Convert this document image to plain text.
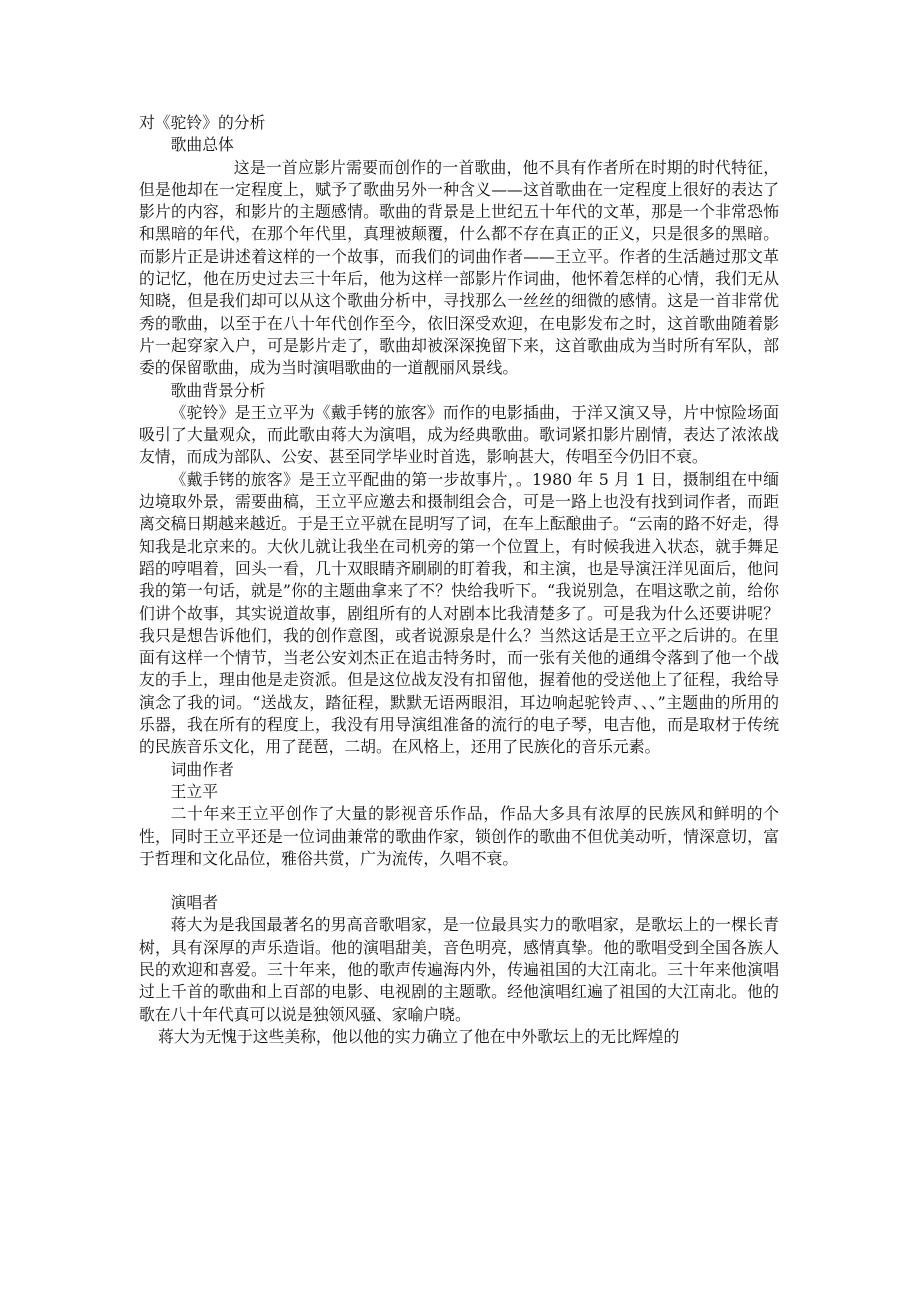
对《驼铃》的分析

歌曲总体

这是一首应影片需要而创作的一首歌曲，他不具有作者所在时期的时代特征，但是他却在一定程度上，赋予了歌曲另外一种含义——这首歌曲在一定程度上很好的表达了影片的内容，和影片的主题感情。歌曲的背景是上世纪五十年代的文革，那是一个非常恐怖和黑暗的年代，在那个年代里，真理被颠覆，什么都不存在真正的正义，只是很多的黑暗。而影片正是讲述着这样的一个故事，而我们的词曲作者——王立平。作者的生活趟过那文革的记忆，他在历史过去三十年后，他为这样一部影片作词曲，他怀着怎样的心情，我们无从知晓，但是我们却可以从这个歌曲分析中，寻找那么一丝丝的细微的感情。这是一首非常优秀的歌曲，以至于在八十年代创作至今，依旧深受欢迎，在电影发布之时，这首歌曲随着影片一起穿家入户，可是影片走了，歌曲却被深深挽留下来，这首歌曲成为当时所有军队，部委的保留歌曲，成为当时演唱歌曲的一道靓丽风景线。

歌曲背景分析

《驼铃》是王立平为《戴手铐的旅客》而作的电影插曲，于洋又演又导，片中惊险场面吸引了大量观众，而此歌由蒋大为演唱，成为经典歌曲。歌词紧扣影片剧情，表达了浓浓战友情，而成为部队、公安、甚至同学毕业时首选，影响甚大，传唱至今仍旧不衰。

《戴手铐的旅客》是王立平配曲的第一步故事片，。1980 年 5 月 1 日，摄制组在中缅边境取外景，需要曲稿，王立平应邀去和摄制组会合，可是一路上也没有找到词作者，而距离交稿日期越来越近。于是王立平就在昆明写了词，在车上酝酿曲子。“云南的路不好走，得知我是北京来的。大伙儿就让我坐在司机旁的第一个位置上，有时候我进入状态，就手舞足蹈的哼唱着，回头一看，几十双眼睛齐刷刷的盯着我，和主演，也是导演汪洋见面后，他问我的第一句话，就是”你的主题曲拿来了不？快给我听下。“我说别急，在唱这歌之前，给你们讲个故事，其实说道故事，剧组所有的人对剧本比我清楚多了。可是我为什么还要讲呢？我只是想告诉他们，我的创作意图，或者说源泉是什么？当然这话是王立平之后讲的。在里面有这样一个情节，当老公安刘杰正在追击特务时，而一张有关他的通缉令落到了他一个战友的手上，理由他是走资派。但是这位战友没有扣留他，握着他的受送他上了征程，我给导演念了我的词。“送战友，踏征程，默默无语两眼泪，耳边响起驼铃声、、、”主题曲的所用的乐器，我在所有的程度上，我没有用导演组准备的流行的电子琴，电吉他，而是取材于传统的民族音乐文化，用了琵琶，二胡。在风格上，还用了民族化的音乐元素。

词曲作者

王立平

二十年来王立平创作了大量的影视音乐作品，作品大多具有浓厚的民族风和鲜明的个性，同时王立平还是一位词曲兼常的歌曲作家，锁创作的歌曲不但优美动听，情深意切，富于哲理和文化品位，雅俗共赏，广为流传，久唱不衰。

演唱者

蒋大为是我国最著名的男高音歌唱家，是一位最具实力的歌唱家，是歌坛上的一棵长青树，具有深厚的声乐造诣。他的演唱甜美，音色明亮，感情真挚。他的歌唱受到全国各族人民的欢迎和喜爱。三十年来，他的歌声传遍海内外，传遍祖国的大江南北。三十年来他演唱过上千首的歌曲和上百部的电影、电视剧的主题歌。经他演唱红遍了祖国的大江南北。他的歌在八十年代真可以说是独领风骚、家喻户晓。

蒋大为无愧于这些美称，他以他的实力确立了他在中外歌坛上的无比辉煌的
